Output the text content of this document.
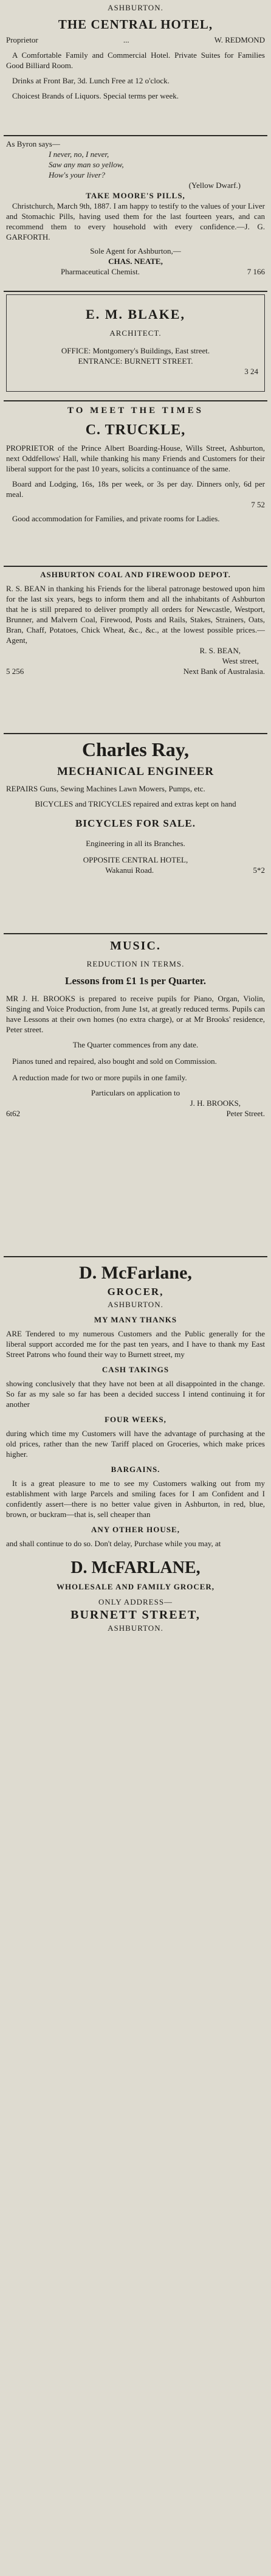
ASHBURTON.
THE CENTRAL HOTEL,
Proprietor	...	W. REDMOND
A Comfortable Family and Commercial Hotel. Private Suites for Families Good Billiard Room.
Drinks at Front Bar, 3d. Lunch Free at 12 o'clock.
Choicest Brands of Liquors. Special terms per week.
As Byron says—
I never, no, I never,
Saw any man so yellow,
How's your liver?
(Yellow Dwarf.)
TAKE MOORE'S PILLS,
Christchurch, March 9th, 1887. I am happy to testify to the values of your Liver and Stomachic Pills, having used them for the last fourteen years, and can recommend them to every household with every confidence.—J. G. GARFORTH.
Sole Agent for Ashburton,—
CHAS. NEATE,
Pharmaceutical Chemist.	7 166
E. M. BLAKE,
ARCHITECT.
OFFICE: Montgomery's Buildings, East street.
ENTRANCE: BURNETT STREET.
3 24
TO MEET THE TIMES
C. TRUCKLE,
PROPRIETOR of the Prince Albert Boarding-House, Wills Street, Ashburton, next Oddfellows' Hall, while thanking his many Friends and Customers for their liberal support for the past 10 years, solicits a continuance of the same.
Board and Lodging, 16s, 18s per week, or 3s per day. Dinners only, 6d per meal.
7 52
Good accommodation for Families, and private rooms for Ladies.
ASHBURTON COAL AND FIREWOOD DEPOT.
R. S. BEAN in thanking his Friends for the liberal patronage bestowed upon him for the last six years, begs to inform them and all the inhabitants of Ashburton that he is still prepared to deliver promptly all orders for Newcastle, Westport, Brunner, and Malvern Coal, Firewood, Posts and Rails, Stakes, Strainers, Oats, Bran, Chaff, Potatoes, Chick Wheat, &c., &c., at the lowest possible prices.—Agent,
R. S. BEAN,
West street,
5 256	Next Bank of Australasia.
Charles Ray,
MECHANICAL ENGINEER
REPAIRS Guns, Sewing Machines Lawn Mowers, Pumps, etc.
BICYCLES and TRICYCLES repaired and extras kept on hand
BICYCLES FOR SALE.
Engineering in all its Branches.
OPPOSITE CENTRAL HOTEL,
Wakanui Road.	5*2
MUSIC.
REDUCTION IN TERMS.
Lessons from £1 1s per Quarter.
MR J. H. BROOKS is prepared to receive pupils for Piano, Organ, Violin, Singing and Voice Production, from June 1st, at greatly reduced terms. Pupils can have Lessons at their own homes (no extra charge), or at Mr Brooks' residence, Peter street.
The Quarter commences from any date.
Pianos tuned and repaired, also bought and sold on Commission.
A reduction made for two or more pupils in one family.
Particulars on application to
J. H. BROOKS,
6t62	Peter Street.
D. McFarlane,
GROCER,
ASHBURTON.
MY MANY THANKS
ARE Tendered to my numerous Customers and the Public generally for the liberal support accorded me for the past ten years, and I have to thank my East Street Patrons who found their way to Burnett street, my
CASH TAKINGS
showing conclusively that they have not been at all disappointed in the change. So far as my sale so far has been a decided success I intend continuing it for another
FOUR WEEKS,
during which time my Customers will have the advantage of purchasing at the old prices, rather than the new Tariff placed on Groceries, which make prices higher.
BARGAINS.
It is a great pleasure to me to see my Customers walking out from my establishment with large Parcels and smiling faces for I am Confident and I confidently assert—there is no better value given in Ashburton, in red, blue, brown, or buckram—that is, sell cheaper than
ANY OTHER HOUSE,
and shall continue to do so. Don't delay, Purchase while you may, at
D. McFARLANE,
WHOLESALE AND FAMILY GROCER,
ONLY ADDRESS—
BURNETT STREET,
ASHBURTON.
